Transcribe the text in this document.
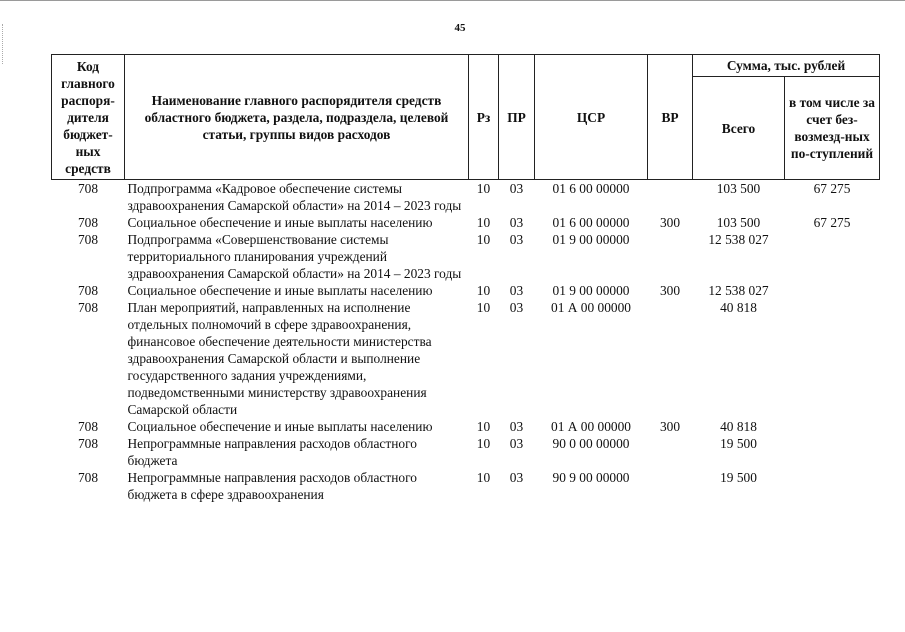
45
Код главного распоря-дителя бюджет-ных средств	Наименование главного распорядителя средств областного бюджета, раздела, подраздела, целевой статьи, группы видов расходов	Рз	ПР	ЦСР	ВР	Сумма, тыс. рублей	
						Всего	в том числе за счет без-возмезд-ных по-ступлений
708	Подпрограмма «Кадровое обеспечение системы здравоохранения Самарской области» на 2014 – 2023 годы	10	03	01 6 00 00000		103 500	67 275
708	Социальное обеспечение и иные выплаты населению	10	03	01 6 00 00000	300	103 500	67 275
708	Подпрограмма «Совершенствование системы территориального планирования учреждений здравоохранения Самарской области» на 2014 – 2023 годы	10	03	01 9 00 00000		12 538 027	
708	Социальное обеспечение и иные выплаты населению	10	03	01 9 00 00000	300	12 538 027	
708	План мероприятий, направленных на исполнение отдельных полномочий в сфере здравоохранения, финансовое обеспечение деятельности министерства здравоохранения Самарской области и выполнение государственного задания учреждениями, подведомственными министерству здравоохранения Самарской области	10	03	01 А 00 00000		40 818	
708	Социальное обеспечение и иные выплаты населению	10	03	01 А 00 00000	300	40 818	
708	Непрограммные направления расходов областного бюджета	10	03	90 0 00 00000		19 500	
708	Непрограммные направления расходов областного бюджета в сфере здравоохранения	10	03	90 9 00 00000		19 500	
